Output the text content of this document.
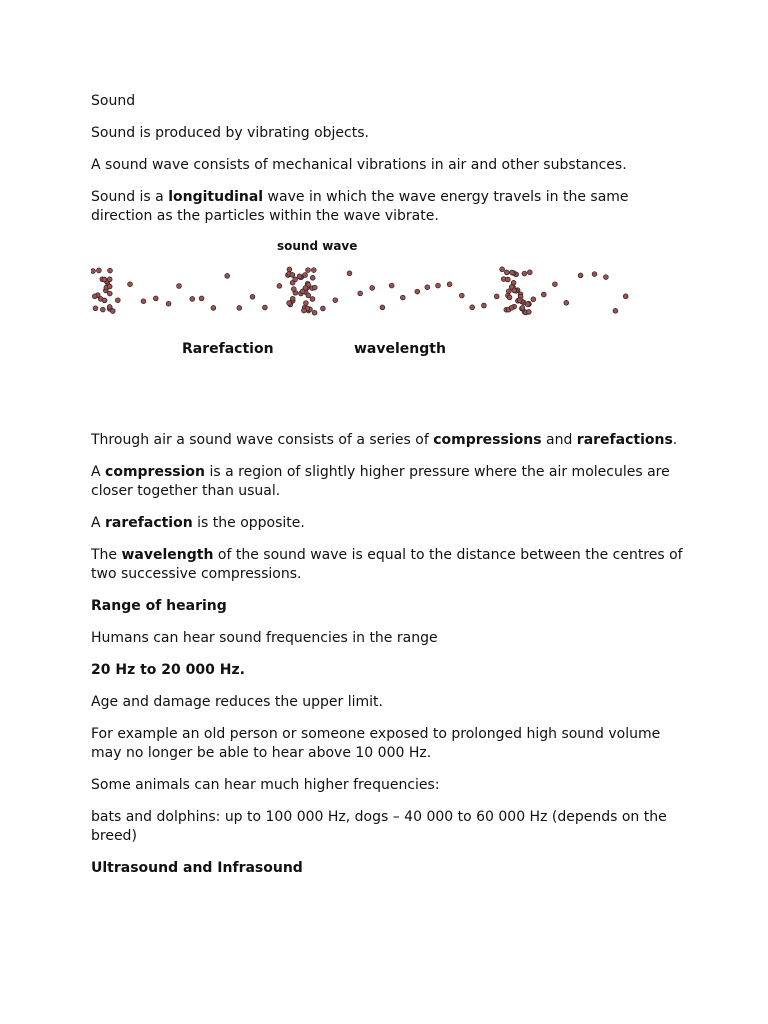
Sound

Sound is produced by vibrating objects.

A sound wave consists of mechanical vibrations in air and other substances.

Sound is a longitudinal wave in which the wave energy travels in the same direction as the particles within the wave vibrate.

sound wave
Rarefaction	wavelength

Through air a sound wave consists of a series of compressions and rarefactions.

A compression is a region of slightly higher pressure where the air molecules are closer together than usual.

A rarefaction is the opposite.

The wavelength of the sound wave is equal to the distance between the centres of two successive compressions.

Range of hearing

Humans can hear sound frequencies in the range

20 Hz to 20 000 Hz.

Age and damage reduces the upper limit.

For example an old person or someone exposed to prolonged high sound volume may no longer be able to hear above 10 000 Hz.

Some animals can hear much higher frequencies:

bats and dolphins: up to 100 000 Hz, dogs – 40 000 to 60 000 Hz (depends on the breed)

Ultrasound and Infrasound
